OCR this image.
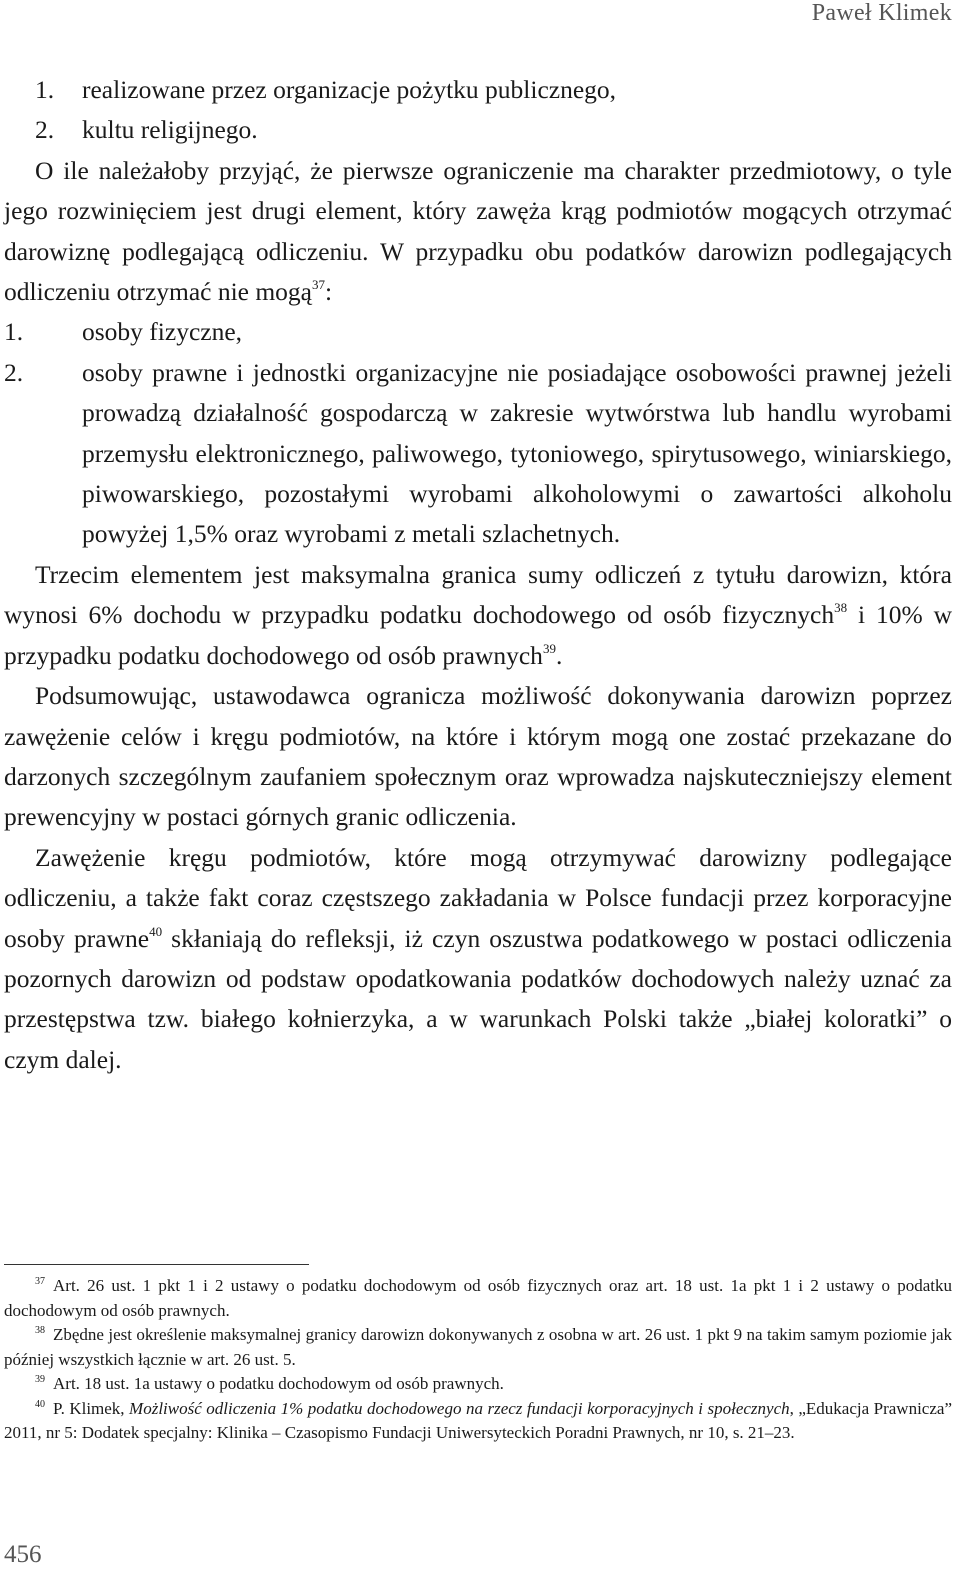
Paweł Klimek
1.	realizowane przez organizacje pożytku publicznego,
2.	kultu religijnego.

O ile należałoby przyjąć, że pierwsze ograniczenie ma charakter przedmiotowy, o tyle jego rozwinięciem jest drugi element, który zawęża krąg podmiotów mogących otrzymać darowiznę podlegającą odliczeniu. W przypadku obu podatków darowizn podlegających odliczeniu otrzymać nie mogą$^{37}$:

1.	osoby fizyczne,
2.	osoby prawne i jednostki organizacyjne nie posiadające osobowości prawnej jeżeli prowadzą działalność gospodarczą w zakresie wytwórstwa lub handlu wyrobami przemysłu elektronicznego, paliwowego, tytoniowego, spirytusowego, winiarskiego, piwowarskiego, pozostałymi wyrobami alkoholowymi o zawartości alkoholu powyżej 1,5% oraz wyrobami z metali szlachetnych.

Trzecim elementem jest maksymalna granica sumy odliczeń z tytułu darowizn, która wynosi 6% dochodu w przypadku podatku dochodowego od osób fizycznych$^{38}$ i 10% w przypadku podatku dochodowego od osób prawnych$^{39}$.

Podsumowując, ustawodawca ogranicza możliwość dokonywania darowizn poprzez zawężenie celów i kręgu podmiotów, na które i którym mogą one zostać przekazane do darzonych szczególnym zaufaniem społecznym oraz wprowadza najskuteczniejszy element prewencyjny w postaci górnych granic odliczenia.

Zawężenie kręgu podmiotów, które mogą otrzymywać darowizny podlegające odliczeniu, a także fakt coraz częstszego zakładania w Polsce fundacji przez korporacyjne osoby prawne$^{40}$ skłaniają do refleksji, iż czyn oszustwa podatkowego w postaci odliczenia pozornych darowizn od podstaw opodatkowania podatków dochodowych należy uznać za przestępstwa tzw. białego kołnierzyka, a w warunkach Polski także „białej koloratki” o czym dalej.

$^{37}$ Art. 26 ust. 1 pkt 1 i 2 ustawy o podatku dochodowym od osób fizycznych oraz art. 18 ust. 1a pkt 1 i 2 ustawy o podatku dochodowym od osób prawnych.

$^{38}$ Zbędne jest określenie maksymalnej granicy darowizn dokonywanych z osobna w art. 26 ust. 1 pkt 9 na takim samym poziomie jak później wszystkich łącznie w art. 26 ust. 5.

$^{39}$ Art. 18 ust. 1a ustawy o podatku dochodowym od osób prawnych.

$^{40}$ P. Klimek, Możliwość odliczenia 1% podatku dochodowego na rzecz fundacji korporacyjnych i społecznych, „Edukacja Prawnicza” 2011, nr 5: Dodatek specjalny: Klinika – Czasopismo Fundacji Uniwersyteckich Poradni Prawnych, nr 10, s. 21–23.

456
